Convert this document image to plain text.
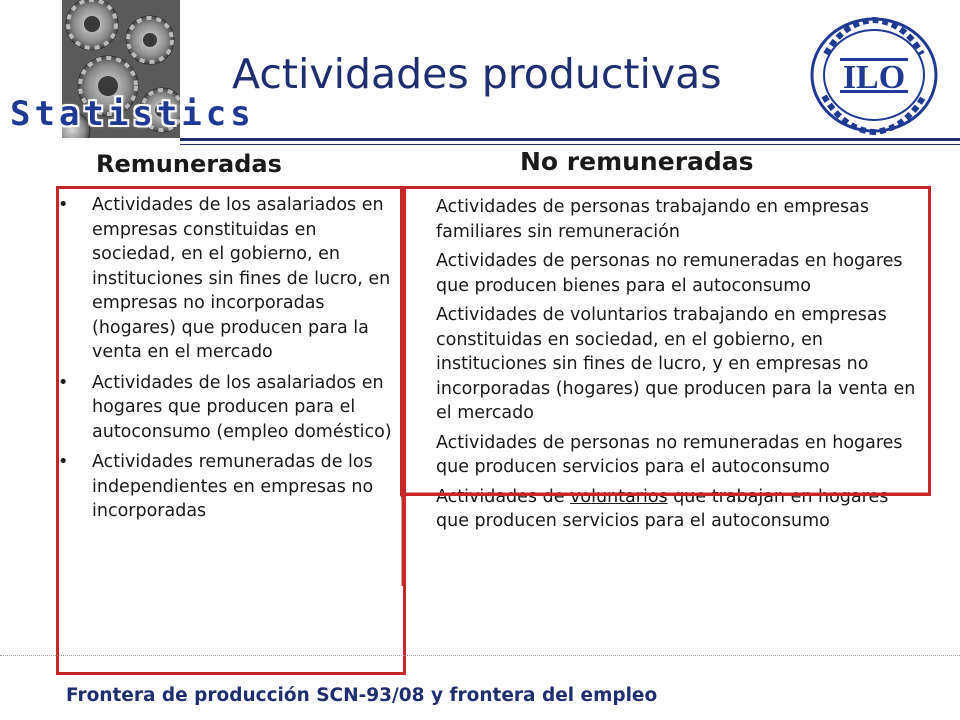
Statistics
Actividades productivas	ILO
Remuneradas	No remuneradas
• Actividades de los asalariados en empresas constituidas en sociedad, en el gobierno, en instituciones sin fines de lucro, en empresas no incorporadas (hogares) que producen para la venta en el mercado
• Actividades de los asalariados en hogares que producen para el autoconsumo (empleo doméstico)
• Actividades remuneradas de los independientes en empresas no incorporadas
• Actividades de personas trabajando en empresas familiares sin remuneración
• Actividades de personas no remuneradas en hogares que producen bienes para el autoconsumo
• Actividades de voluntarios trabajando en empresas constituidas en sociedad, en el gobierno, en instituciones sin fines de lucro, y en empresas no incorporadas (hogares) que producen para la venta en el mercado
• Actividades de personas no remuneradas en hogares que producen servicios para el autoconsumo
• Actividades de voluntarios que trabajan en hogares que producen servicios para el autoconsumo

Frontera de producción SCN-93/08 y frontera del empleo
